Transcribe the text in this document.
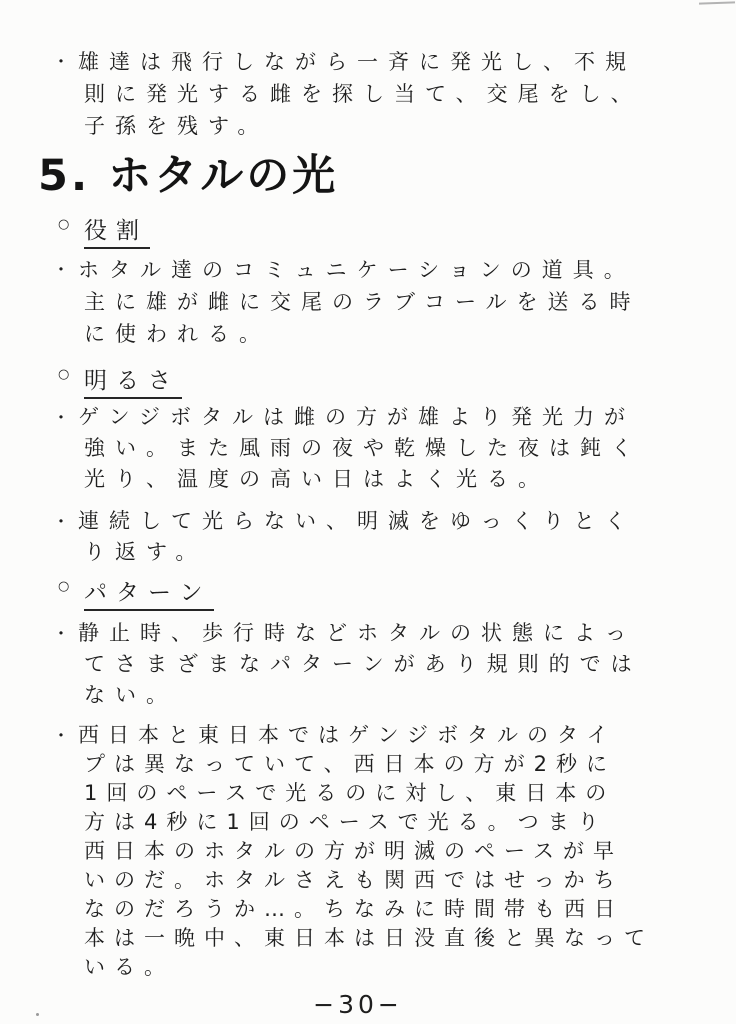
・ 雄達は飛行しながら一斉に発光し、不規
則に発光する雌を探し当て、交尾をし、
子孫を残す。
5. ホタルの光
○ 役割
・ ホタル達のコミュニケーションの道具。
主に雄が雌に交尾のラブコールを送る時
に使われる。
○ 明るさ
・ ゲンジボタルは雌の方が雄より発光力が
強い。また風雨の夜や乾燥した夜は鈍く
光り、温度の高い日はよく光る。
・ 連続して光らない、明滅をゆっくりとく
り返す。
○ パターン
・ 静止時、歩行時などホタルの状態によっ
てさまざまなパターンがあり規則的では
ない。
・ 西日本と東日本ではゲンジボタルのタイ
プは異なっていて、西日本の方が2秒に
1回のペースで光るのに対し、東日本の
方は4秒に1回のペースで光る。つまり
西日本のホタルの方が明滅のペースが早
いのだ。ホタルさえも関西ではせっかち
なのだろうか…。ちなみに時間帯も西日
本は一晩中、東日本は日没直後と異なって
いる。
−30−
